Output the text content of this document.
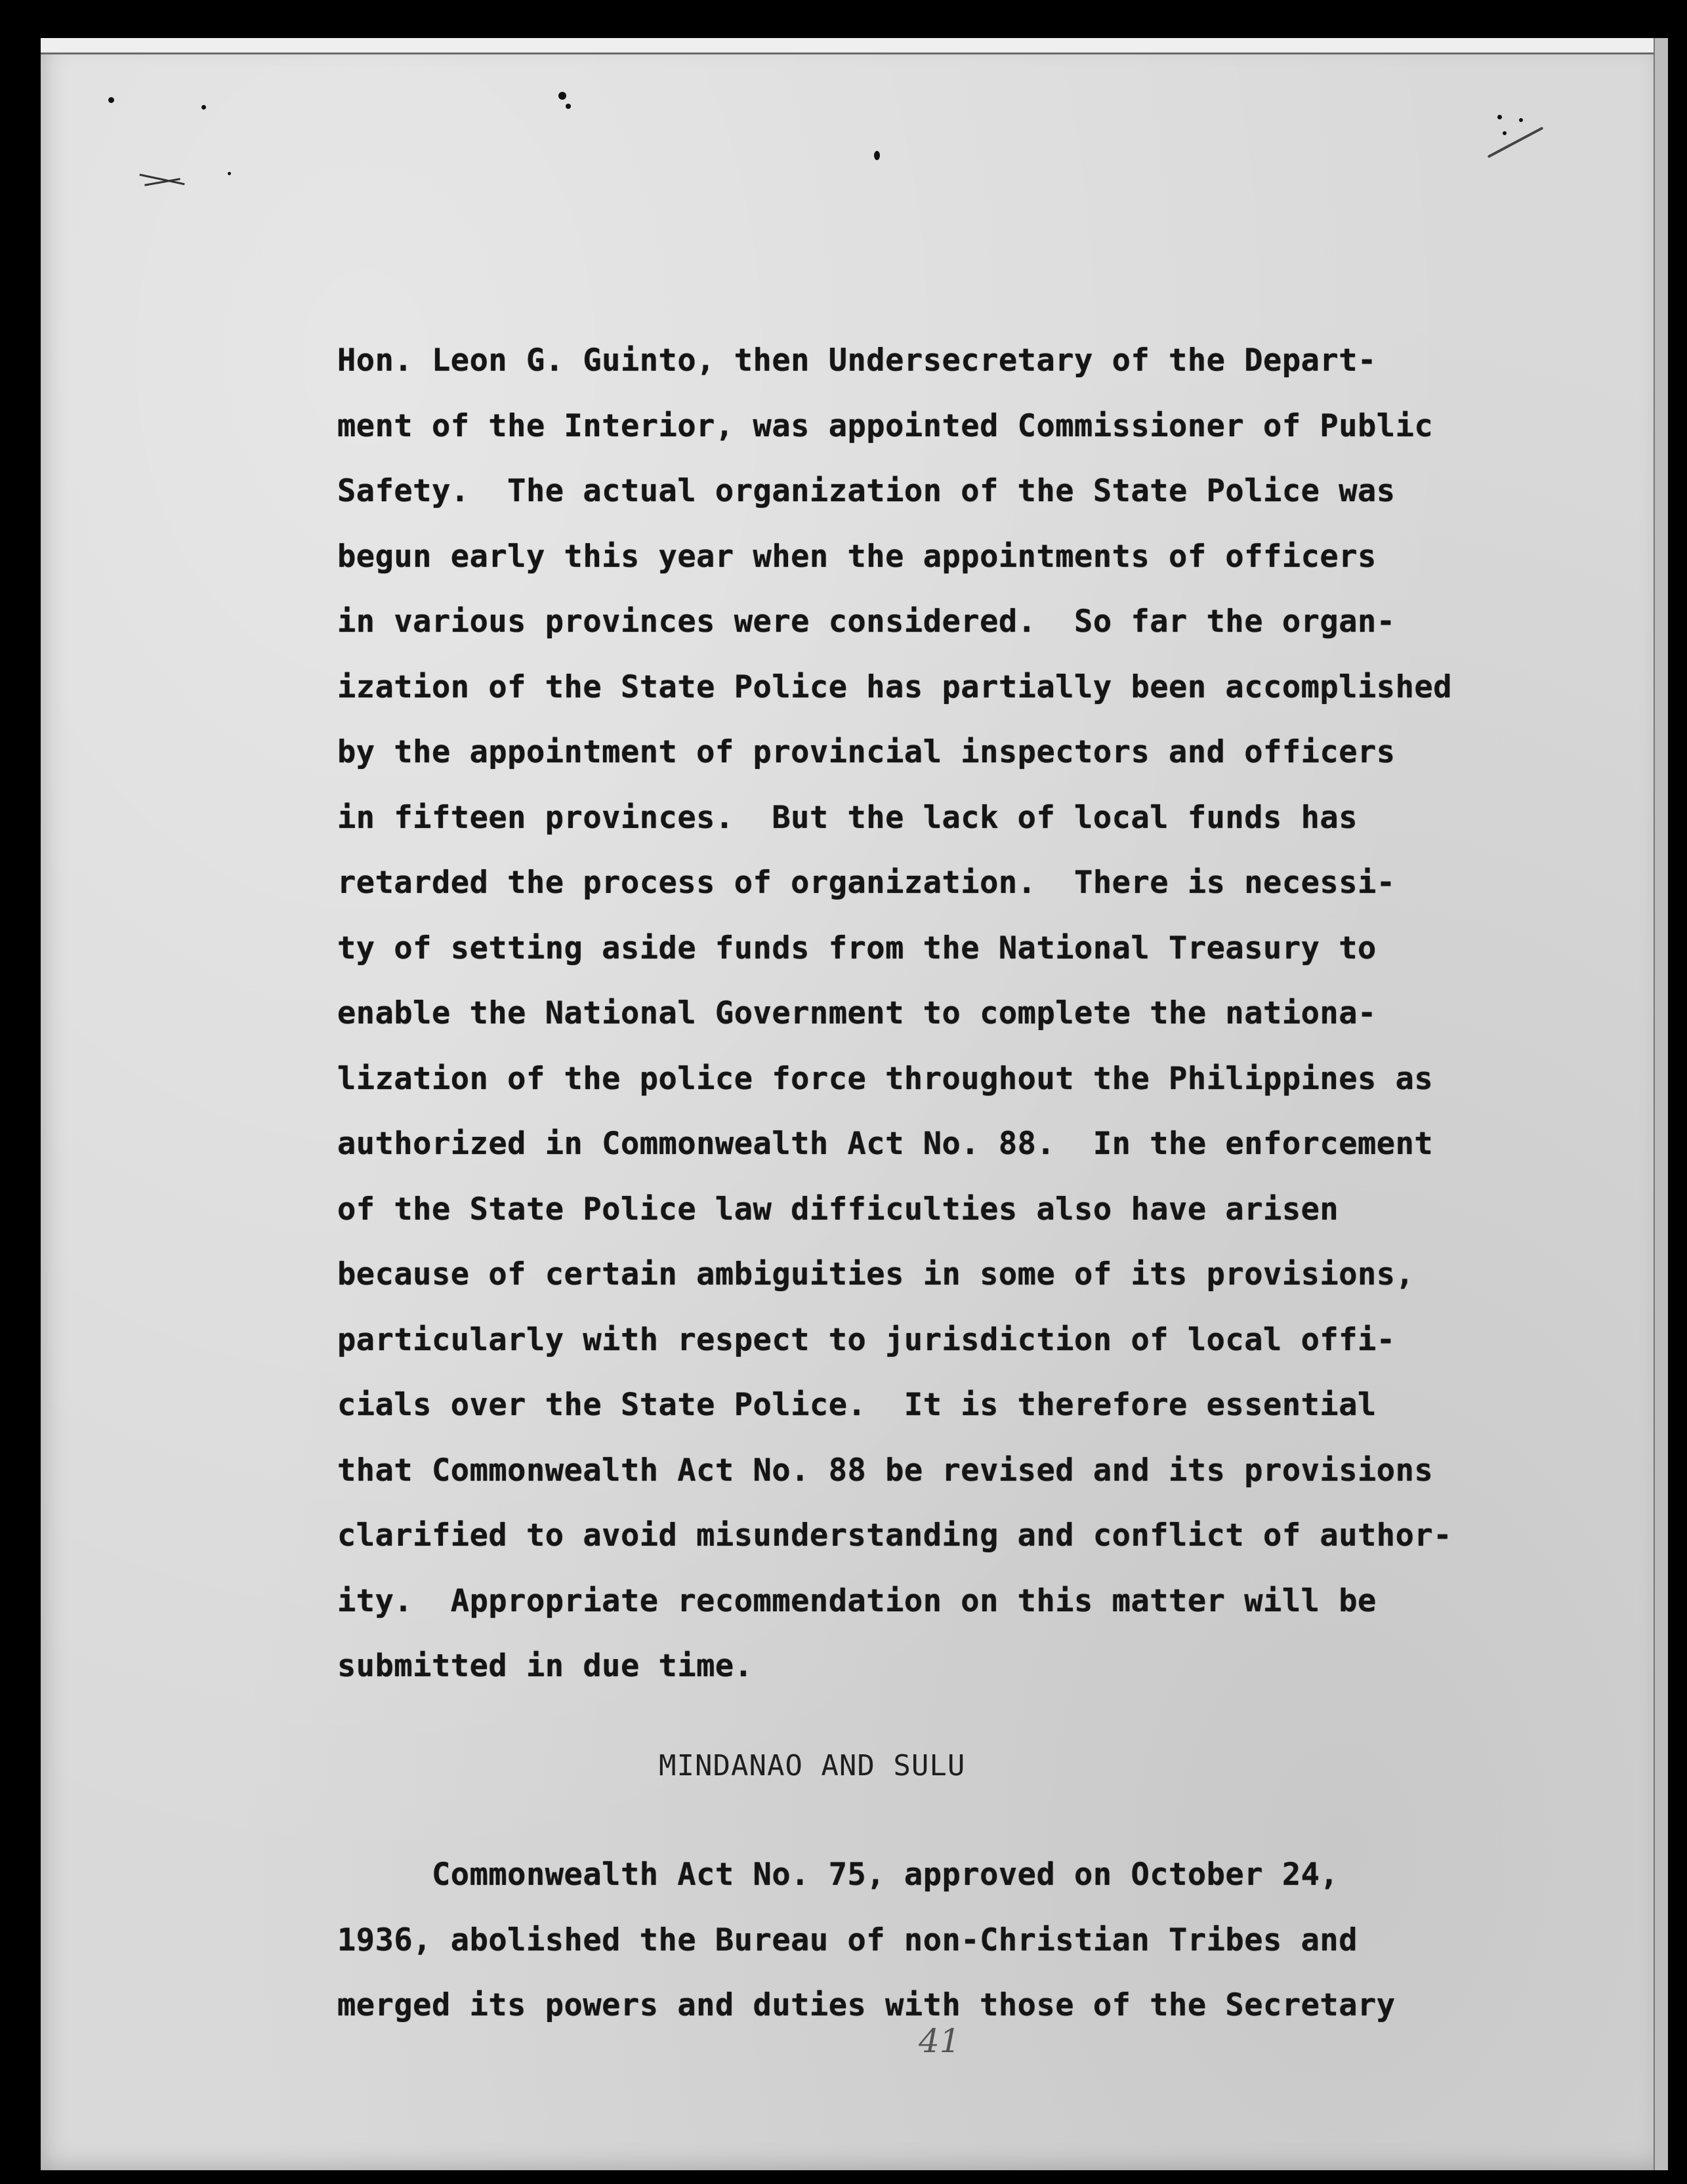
Hon. Leon G. Guinto, then Undersecretary of the Depart-
ment of the Interior, was appointed Commissioner of Public
Safety.  The actual organization of the State Police was
begun early this year when the appointments of officers
in various provinces were considered.  So far the organ-
ization of the State Police has partially been accomplished
by the appointment of provincial inspectors and officers
in fifteen provinces.  But the lack of local funds has
retarded the process of organization.  There is necessi-
ty of setting aside funds from the National Treasury to
enable the National Government to complete the nationa-
lization of the police force throughout the Philippines as
authorized in Commonwealth Act No. 88.  In the enforcement
of the State Police law difficulties also have arisen
because of certain ambiguities in some of its provisions,
particularly with respect to jurisdiction of local offi-
cials over the State Police.  It is therefore essential
that Commonwealth Act No. 88 be revised and its provisions
clarified to avoid misunderstanding and conflict of author-
ity.  Appropriate recommendation on this matter will be
submitted in due time.
MINDANAO AND SULU
Commonwealth Act No. 75, approved on October 24,
1936, abolished the Bureau of non-Christian Tribes and
merged its powers and duties with those of the Secretary
41
